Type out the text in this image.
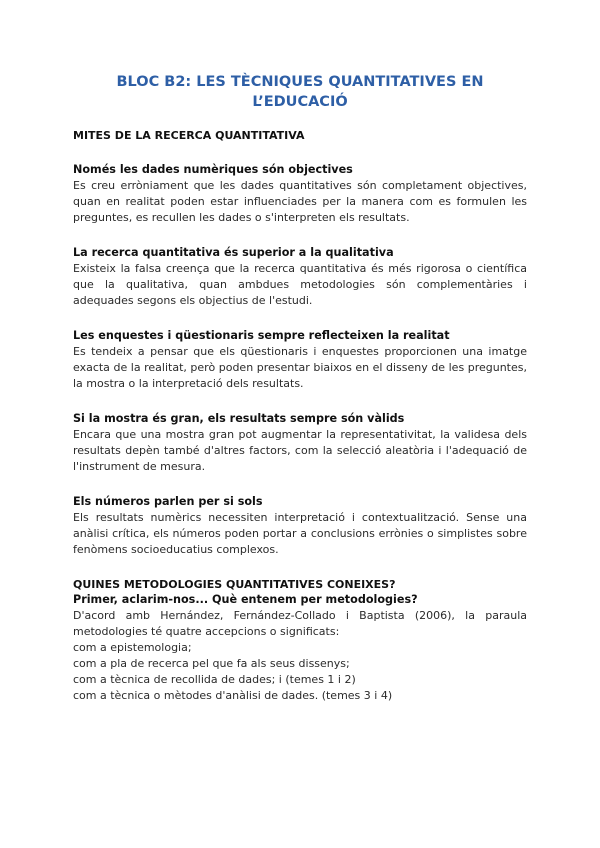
BLOC B2: LES TÈCNIQUES QUANTITATIVES EN L’EDUCACIÓ
MITES DE LA RECERCA QUANTITATIVA
Només les dades numèriques són objectives

Es creu erròniament que les dades quantitatives són completament objectives, quan en realitat poden estar influenciades per la manera com es formulen les preguntes, es recullen les dades o s'interpreten els resultats.

La recerca quantitativa és superior a la qualitativa

Existeix la falsa creença que la recerca quantitativa és més rigorosa o científica que la qualitativa, quan ambdues metodologies són complementàries i adequades segons els objectius de l'estudi.

Les enquestes i qüestionaris sempre reflecteixen la realitat

Es tendeix a pensar que els qüestionaris i enquestes proporcionen una imatge exacta de la realitat, però poden presentar biaixos en el disseny de les preguntes, la mostra o la interpretació dels resultats.

Si la mostra és gran, els resultats sempre són vàlids

Encara que una mostra gran pot augmentar la representativitat, la validesa dels resultats depèn també d'altres factors, com la selecció aleatòria i l'adequació de l'instrument de mesura.

Els números parlen per si sols

Els resultats numèrics necessiten interpretació i contextualització. Sense una anàlisi crítica, els números poden portar a conclusions errònies o simplistes sobre fenòmens socioeducatius complexos.

QUINES METODOLOGIES QUANTITATIVES CONEIXES?
Primer, aclarim-nos... Què entenem per metodologies?

D'acord amb Hernández, Fernández-Collado i Baptista (2006), la paraula metodologies té quatre accepcions o significats:

com a epistemologia;
com a pla de recerca pel que fa als seus dissenys;
com a tècnica de recollida de dades; i (temes 1 i 2)
com a tècnica o mètodes d'anàlisi de dades. (temes 3 i 4)
